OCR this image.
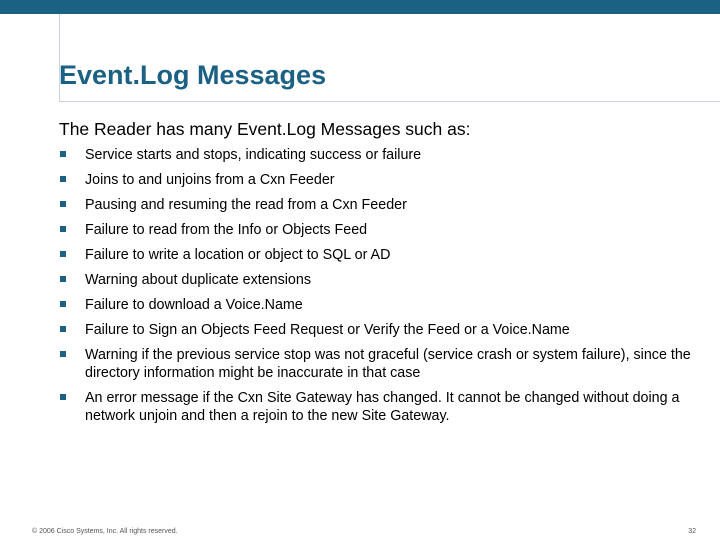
Event.Log Messages

The Reader has many Event.Log Messages such as:

Service starts and stops, indicating success or failure
Joins to and unjoins from a Cxn Feeder
Pausing and resuming the read from a Cxn Feeder
Failure to read from the Info or Objects Feed
Failure to write a location or object to SQL or AD
Warning about duplicate extensions
Failure to download a Voice.Name
Failure to Sign an Objects Feed Request or Verify the Feed or a Voice.Name
Warning if the previous service stop was not graceful (service crash or system failure), since the directory information might be inaccurate in that case
An error message if the Cxn Site Gateway has changed. It cannot be changed without doing a network unjoin and then a rejoin to the new Site Gateway.
© 2006 Cisco Systems, Inc. All rights reserved.	32
